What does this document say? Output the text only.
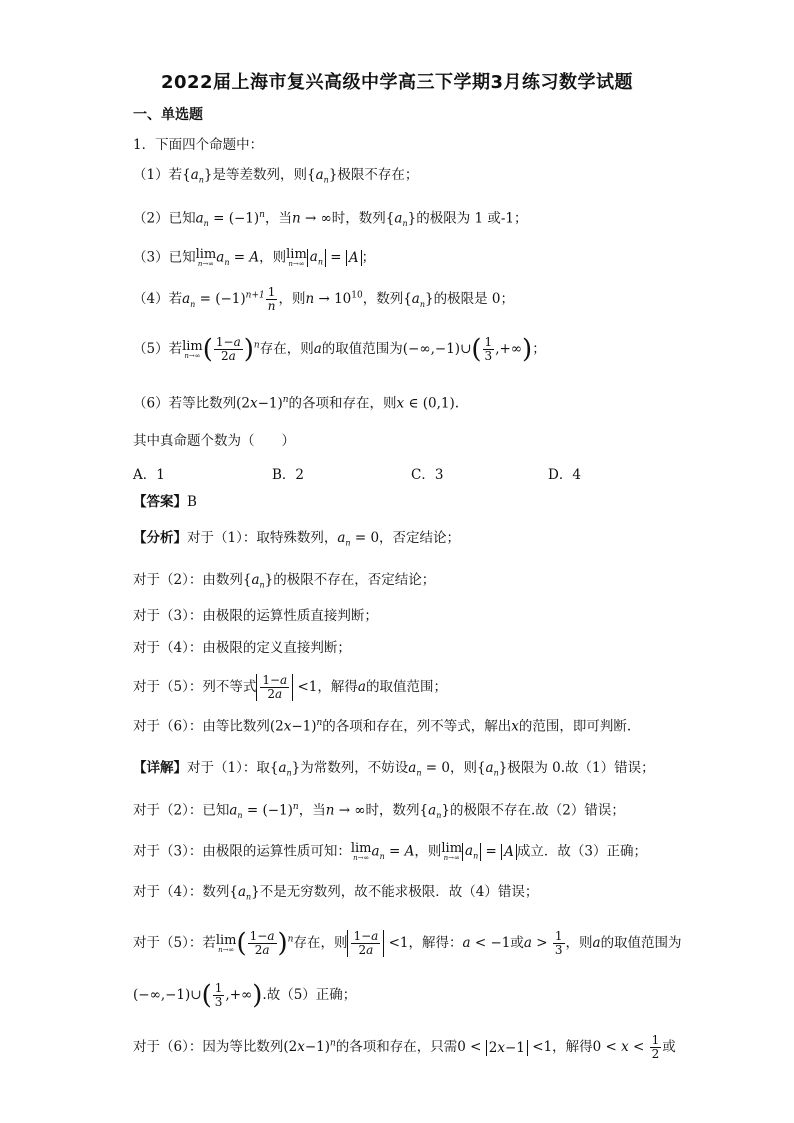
2022届上海市复兴高级中学高三下学期3月练习数学试题
一、单选题
1．下面四个命题中：
（1）若$\{a_n\}$是等差数列，则$\{a_n\}$极限不存在；
（2）已知$a_n = (-1)^n$，当n → ∞时，数列$\{a_n\}$的极限为 1 或-1；
（3）已知 lim
n→∞ $a_n = A$，则 lim
n→∞ $a_n = A$ ；
（4）若$a_n = (-1)^{n+1} \frac{1}{n}$ ，则$n \to 10^{10}$，数列$\{a_n\}$的极限是 0；
（5）若 lim
n→∞ ( $\frac{1-a}{2a} )^n$存在，则a的取值范围为(−∞,−1)∪( $\frac{1}{3}$ ,+∞)；
（6）若等比数列$(2x-1)^n$的各项和存在，则x ∈ (0,1).
其中真命题个数为（　　）
A．1	B．2	C．3	D．4
【答案】B
【分析】对于（1）：取特殊数列，$a_n = 0$，否定结论；
对于（2）：由数列$\{a_n\}$的极限不存在，否定结论；
对于（3）：由极限的运算性质直接判断；
对于（4）：由极限的定义直接判断；
对于（5）：列不等式 $\frac{1-a}{2a} <1$，解得a的取值范围；
对于（6）：由等比数列$(2x-1)^n$的各项和存在，列不等式，解出x的范围，即可判断.
【详解】对于（1）：取$\{a_n\}$为常数列，不妨设$a_n = 0$，则$\{a_n\}$极限为 0.故（1）错误；
对于（2）：已知$a_n = (-1)^n$，当n → ∞时，数列$\{a_n\}$的极限不存在.故（2）错误；
对于（3）：由极限的运算性质可知： lim
n→∞ $a_n = A$，则 lim
n→∞ $a_n = A$ 成立．故（3）正确；
对于（4）：数列$\{a_n\}$不是无穷数列，故不能求极限．故（4）错误；
对于（5）：若 lim
n→∞ ( $\frac{1-a}{2a} )^n$存在，则 $\frac{1-a}{2a} <1$，解得：a < −1或$a > \frac{1}{3}$ ，则a的取值范围为
(−∞,−1)∪( $\frac{1}{3}$ ,+∞).故（5）正确；
对于（6）：因为等比数列$(2x-1)^n$的各项和存在，只需0 < 2x−1 <1，解得$0 < x < \frac{1}{2}$ 或
